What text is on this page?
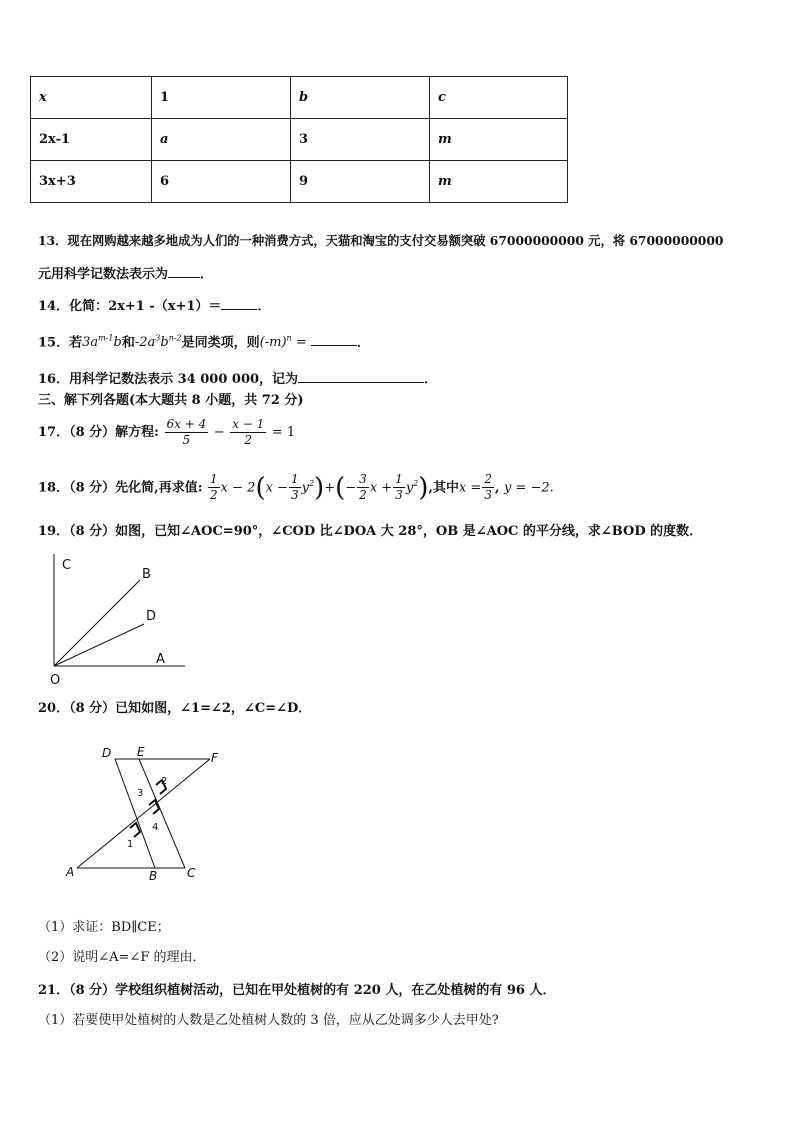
x	1	b	c
2x-1	a	3	m
3x+3	6	9	m
13．现在网购越来越多地成为人们的一种消费方式，天猫和淘宝的支付交易额突破 67000000000 元，将 67000000000
元用科学记数法表示为 ．
14．化简：2x+1 -（x+1）＝	．
15．若$3a^{m-1}b$和$-2a^3b^{n-2}$是同类项，则$(-m)^n$ =	．
16．用科学记数法表示 34 000 000，记为	．
三、解下列各题(本大题共 8 小题，共 72 分)
17．（8 分）解方程: $\frac{6x + 4}{5} - \frac{x - 1}{2} = 1$
18．（8 分）先化简,再求值: $\frac{1}{2}$ $x - 2(x - \frac{1}{3} y^2)+(- \frac{3}{2}$ $x + \frac{1}{3} y^2$),其中$x = \frac{2}{3}$ , y = −2.
19．（8 分）如图，已知∠AOC=90°，∠COD 比∠DOA 大 28°，OB 是∠AOC 的平分线，求∠BOD 的度数．
C
B
D
A
O
20．（8 分）已知如图，∠1=∠2，∠C=∠D．
D E	F
A	B C
1
2
3
4
（1）求证：BD∥CE；
（2）说明∠A=∠F 的理由．
21．（8 分）学校组织植树活动，已知在甲处植树的有 220 人，在乙处植树的有 96 人．
（1）若要使甲处植树的人数是乙处植树人数的 3 倍，应从乙处调多少人去甲处?
